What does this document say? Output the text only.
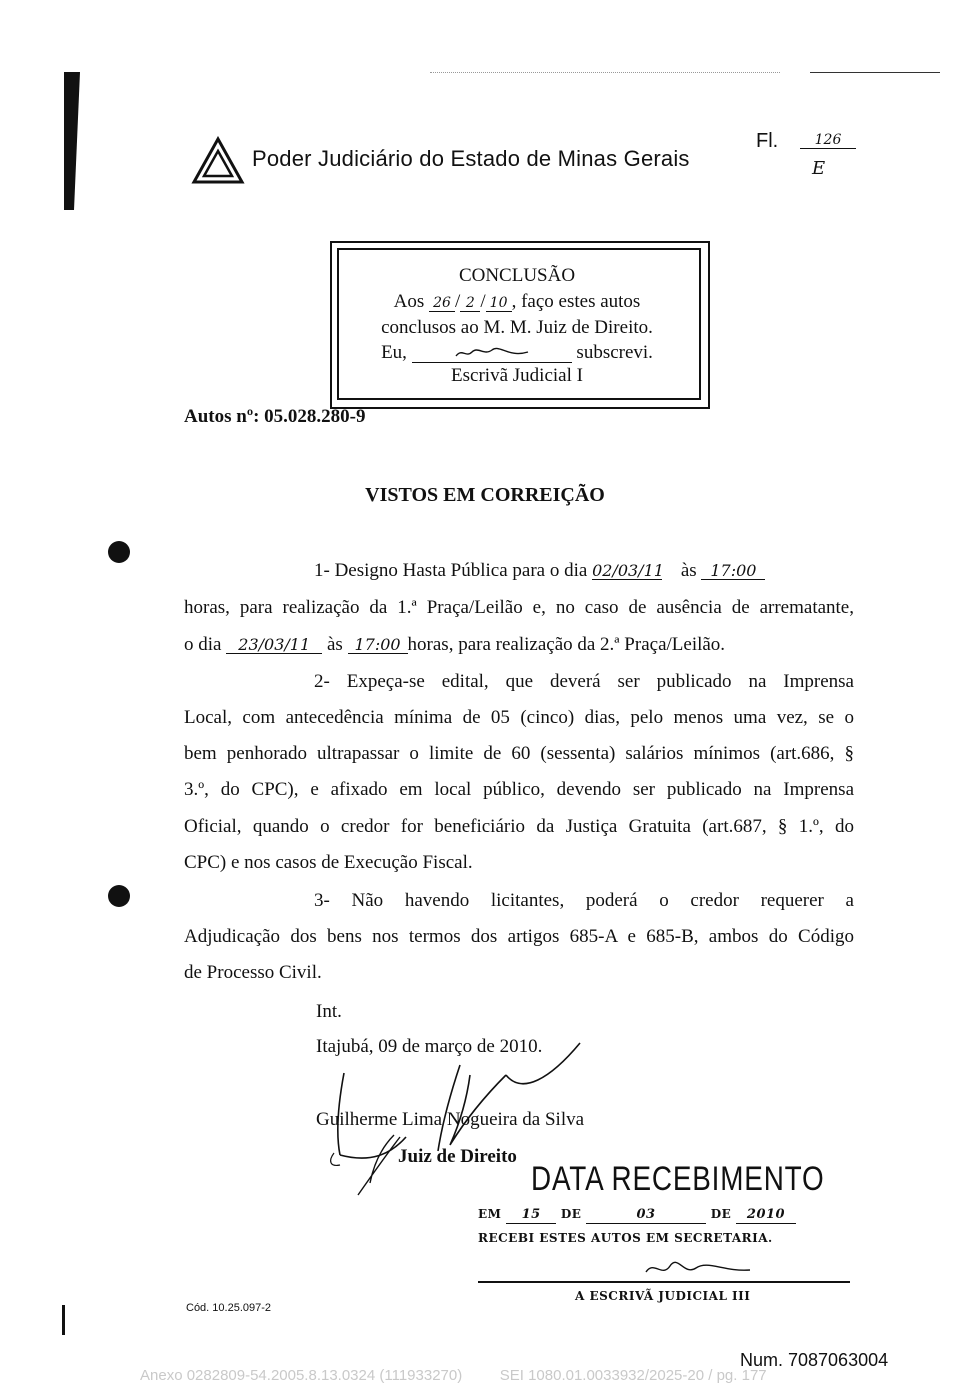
Poder Judiciário do Estado de Minas Gerais
Fl.	126
E
CONCLUSÃO
Aos 26 / 2 / 10 , faço estes autos
conclusos ao M. M. Juiz de Direito.
Eu,	subscrevi.
Escrivã Judicial I
Autos nº: 05.028.280-9
VISTOS EM CORREIÇÃO
1- Designo Hasta Pública para o dia 02/03/11 às 17:00
horas, para realização da 1.ª Praça/Leilão e, no caso de ausência de arrematante,
o dia 23/03/11 às 17:00 horas, para realização da 2.ª Praça/Leilão.
2- Expeça-se edital, que deverá ser publicado na Imprensa
Local, com antecedência mínima de 05 (cinco) dias, pelo menos uma vez, se o
bem penhorado ultrapassar o limite de 60 (sessenta) salários mínimos (art.686, §
3.º, do CPC), e afixado em local público, devendo ser publicado na Imprensa
Oficial, quando o credor for beneficiário da Justiça Gratuita (art.687, § 1.º, do
CPC) e nos casos de Execução Fiscal.
3- Não havendo licitantes, poderá o credor requerer a
Adjudicação dos bens nos termos dos artigos 685-A e 685-B, ambos do Código
de Processo Civil.
Int.
Itajubá, 09 de março de 2010.
Guilherme Lima Nogueira da Silva
Juiz de Direito
DATA RECEBIMENTO
EM 15 DE	03	DE 2010
RECEBI ESTES AUTOS EM SECRETARIA.
A ESCRIVÃ JUDICIAL III
Cód. 10.25.097-2
Num. 7087063004
Anexo 0282809-54.2005.8.13.0324 (111933270)         SEI 1080.01.0033932/2025-20 / pg. 177
